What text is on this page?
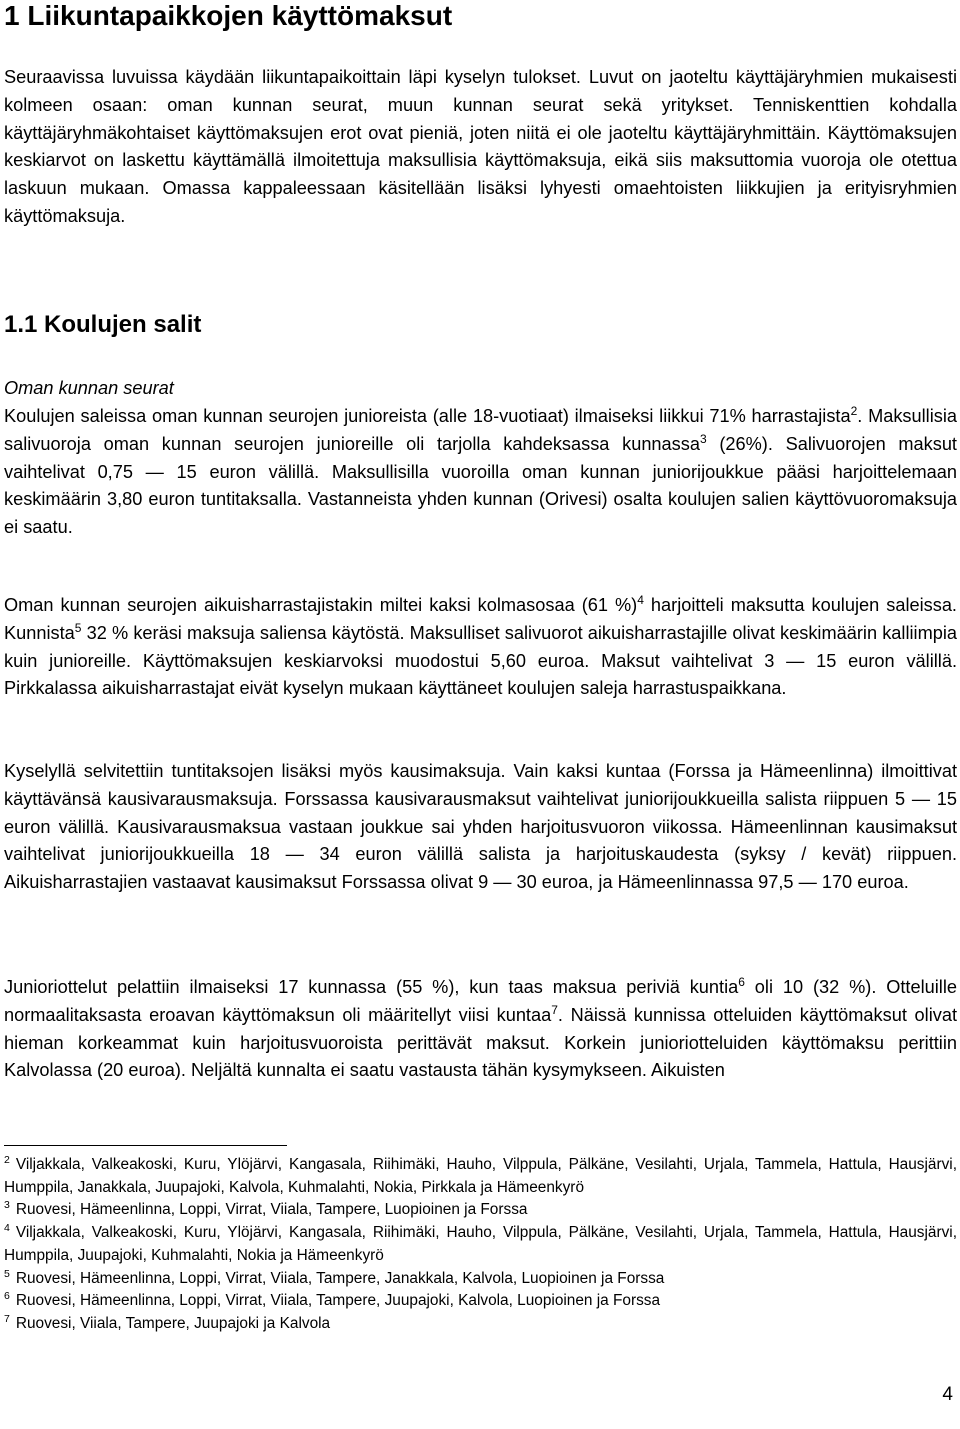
1 Liikuntapaikkojen käyttömaksut

Seuraavissa luvuissa käydään liikuntapaikoittain läpi kyselyn tulokset. Luvut on jaoteltu käyttäjäryhmien mukaisesti kolmeen osaan: oman kunnan seurat, muun kunnan seurat sekä yritykset. Tenniskenttien kohdalla käyttäjäryhmäkohtaiset käyttömaksujen erot ovat pieniä, joten niitä ei ole jaoteltu käyttäjäryhmittäin. Käyttömaksujen keskiarvot on laskettu käyttämällä ilmoitettuja maksullisia käyttömaksuja, eikä siis maksuttomia vuoroja ole otettua laskuun mukaan. Omassa kappaleessaan käsitellään lisäksi lyhyesti omaehtoisten liikkujien ja erityisryhmien käyttömaksuja.

1.1 Koulujen salit

Oman kunnan seurat

Koulujen saleissa oman kunnan seurojen junioreista (alle 18-vuotiaat) ilmaiseksi liikkui 71% harrastajista$^2$. Maksullisia salivuoroja oman kunnan seurojen junioreille oli tarjolla kahdeksassa kunnassa$^3$ (26%). Salivuorojen maksut vaihtelivat 0,75 — 15 euron välillä. Maksullisilla vuoroilla oman kunnan juniorijoukkue pääsi harjoittelemaan keskimäärin 3,80 euron tuntitaksalla. Vastanneista yhden kunnan (Orivesi) osalta koulujen salien käyttövuoromaksuja ei saatu.

Oman kunnan seurojen aikuisharrastajistakin miltei kaksi kolmasosaa (61 %)$^4$ harjoitteli maksutta koulujen saleissa. Kunnista$^5$ 32 % keräsi maksuja saliensa käytöstä. Maksulliset salivuorot aikuisharrastajille olivat keskimäärin kalliimpia kuin junioreille. Käyttömaksujen keskiarvoksi muodostui 5,60 euroa. Maksut vaihtelivat 3 — 15 euron välillä. Pirkkalassa aikuisharrastajat eivät kyselyn mukaan käyttäneet koulujen saleja harrastuspaikkana.

Kyselyllä selvitettiin tuntitaksojen lisäksi myös kausimaksuja. Vain kaksi kuntaa (Forssa ja Hämeenlinna) ilmoittivat käyttävänsä kausivarausmaksuja. Forssassa kausivarausmaksut vaihtelivat juniorijoukkueilla salista riippuen 5 — 15 euron välillä. Kausivarausmaksua vastaan joukkue sai yhden harjoitusvuoron viikossa. Hämeenlinnan kausimaksut vaihtelivat juniorijoukkueilla 18 — 34 euron välillä salista ja harjoituskaudesta (syksy / kevät) riippuen. Aikuisharrastajien vastaavat kausimaksut Forssassa olivat 9 — 30 euroa, ja Hämeenlinnassa 97,5 — 170 euroa.

Junioriottelut pelattiin ilmaiseksi 17 kunnassa (55 %), kun taas maksua periviä kuntia$^6$ oli 10 (32 %). Otteluille normaalitaksasta eroavan käyttömaksun oli määritellyt viisi kuntaa$^7$. Näissä kunnissa otteluiden käyttömaksut olivat hieman korkeammat kuin harjoitusvuoroista perittävät maksut. Korkein junioriotteluiden käyttömaksu perittiin Kalvolassa (20 euroa). Neljältä kunnalta ei saatu vastausta tähän kysymykseen. Aikuisten

$^2$ Viljakkala, Valkeakoski, Kuru, Ylöjärvi, Kangasala, Riihimäki, Hauho, Vilppula, Pälkäne, Vesilahti, Urjala, Tammela, Hattula, Hausjärvi, Humppila, Janakkala, Juupajoki, Kalvola, Kuhmalahti, Nokia, Pirkkala ja Hämeenkyrö

$^3$ Ruovesi, Hämeenlinna, Loppi, Virrat, Viiala, Tampere, Luopioinen ja Forssa

$^4$ Viljakkala, Valkeakoski, Kuru, Ylöjärvi, Kangasala, Riihimäki, Hauho, Vilppula, Pälkäne, Vesilahti, Urjala, Tammela, Hattula, Hausjärvi, Humppila, Juupajoki, Kuhmalahti, Nokia ja Hämeenkyrö

$^5$ Ruovesi, Hämeenlinna, Loppi, Virrat, Viiala, Tampere, Janakkala, Kalvola, Luopioinen ja Forssa

$^6$ Ruovesi, Hämeenlinna, Loppi, Virrat, Viiala, Tampere, Juupajoki, Kalvola, Luopioinen ja Forssa

$^7$ Ruovesi, Viiala, Tampere, Juupajoki ja Kalvola

4
